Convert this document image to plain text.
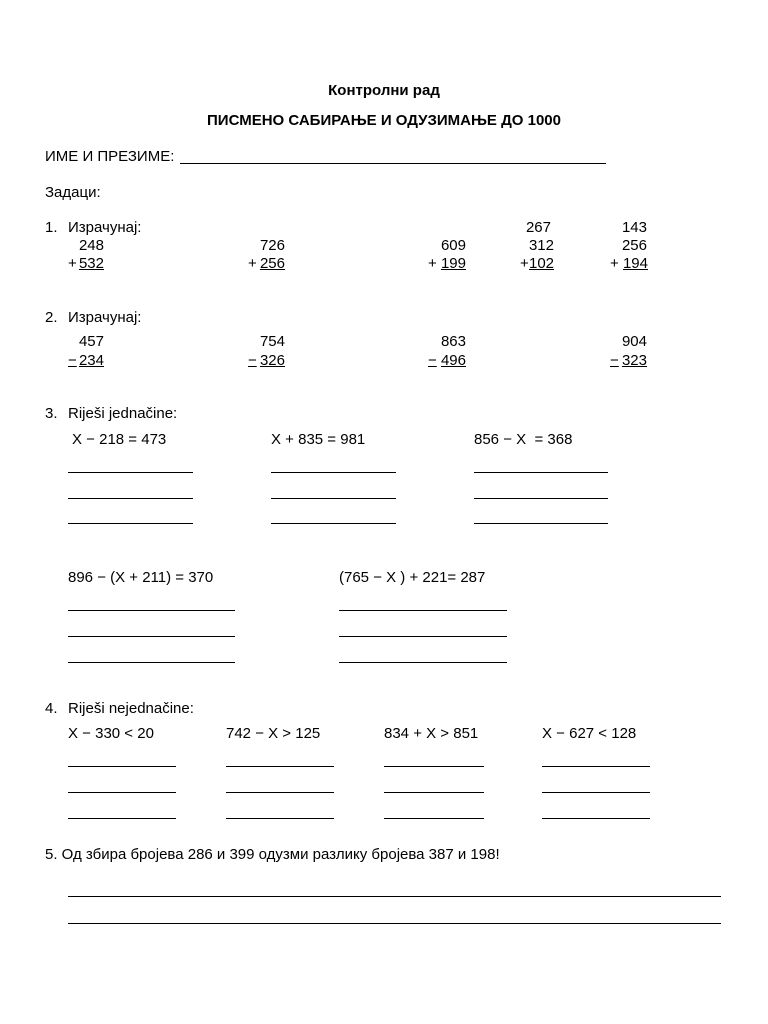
Контролни рад
ПИСМЕНО САБИРАЊЕ И ОДУЗИМАЊЕ ДО 1000
ИМЕ И ПРЕЗИМЕ:
Задаци:
1. Израчунај:
248
+ 532
726
+ 256
609
+ 199
267
312
+ 102
143
256
+ 194
2. Израчунај:
457
− 234
754
− 326
863
− 496
904
− 323
3. Riješi jednačine:
X − 218 = 473	X + 835 = 981	856 − X  = 368
896 − (X + 211) = 370	(765 − X ) + 221= 287
4. Riješi nejednačine:
X − 330 < 20	742 − X > 125	834 + X > 851	X − 627 < 128
5. Од збира бројева 286 и 399 одузми разлику бројева 387 и 198!
